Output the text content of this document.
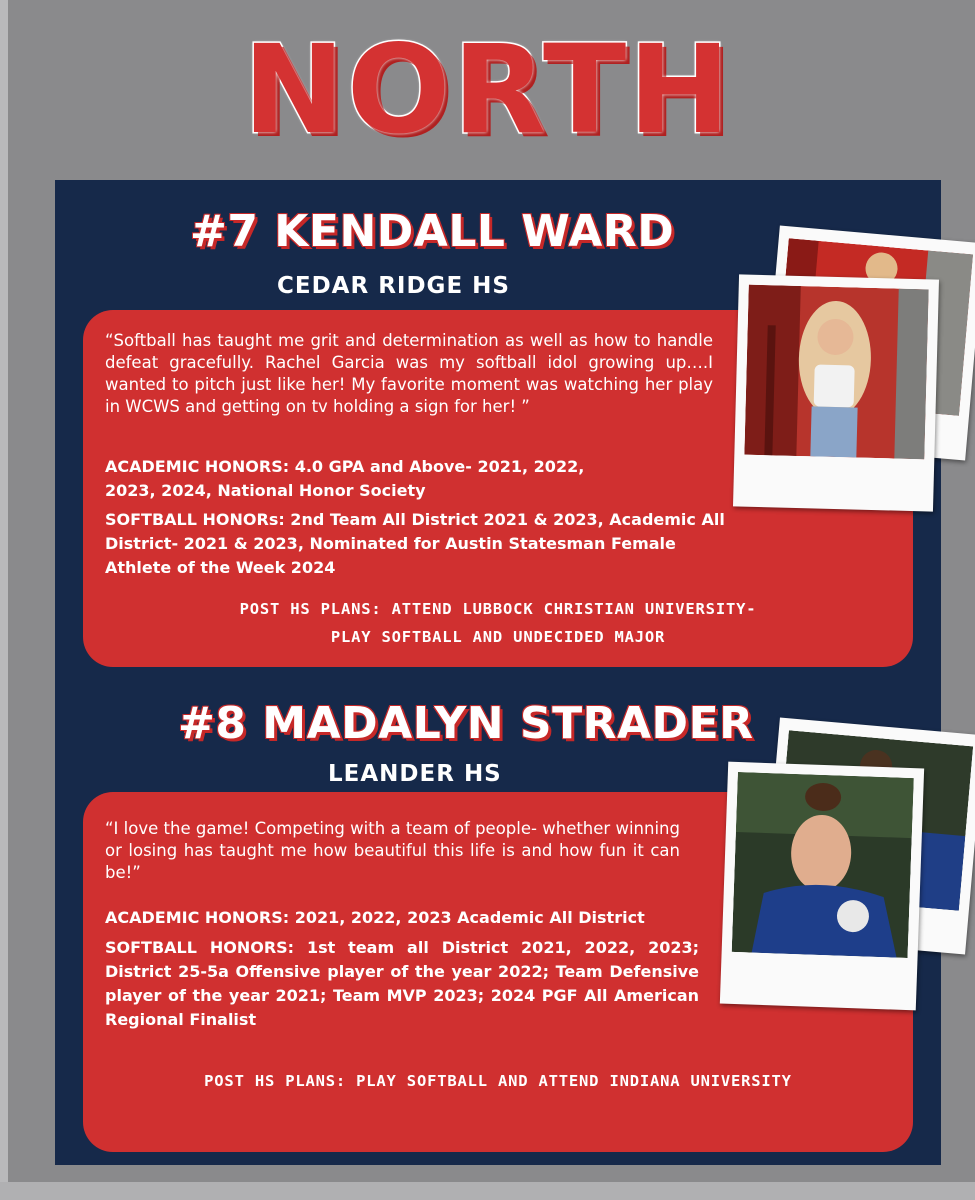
NORTH
#7 KENDALL WARD
CEDAR RIDGE HS
“Softball has taught me grit and determination as well as how to handle defeat gracefully. Rachel Garcia was my softball idol growing up….I wanted to pitch just like her! My favorite moment was watching her play in WCWS and getting on tv holding a sign for her! ”
ACADEMIC HONORS: 4.0 GPA and Above- 2021, 2022, 2023, 2024, National Honor Society
SOFTBALL HONORs: 2nd Team All District 2021 & 2023, Academic All District- 2021 & 2023, Nominated for Austin Statesman Female Athlete of the Week 2024
POST HS PLANS: ATTEND LUBBOCK CHRISTIAN UNIVERSITY-
PLAY SOFTBALL AND UNDECIDED MAJOR
#8 MADALYN STRADER
LEANDER HS
“I love the game! Competing with a team of people- whether winning or losing has taught me how beautiful this life is and how fun it can be!”
ACADEMIC HONORS: 2021, 2022, 2023 Academic All District
SOFTBALL HONORS: 1st team all District 2021, 2022, 2023; District 25-5a Offensive player of the year 2022; Team Defensive player of the year 2021; Team MVP 2023; 2024 PGF All American Regional Finalist
POST HS PLANS: PLAY SOFTBALL AND ATTEND INDIANA UNIVERSITY
